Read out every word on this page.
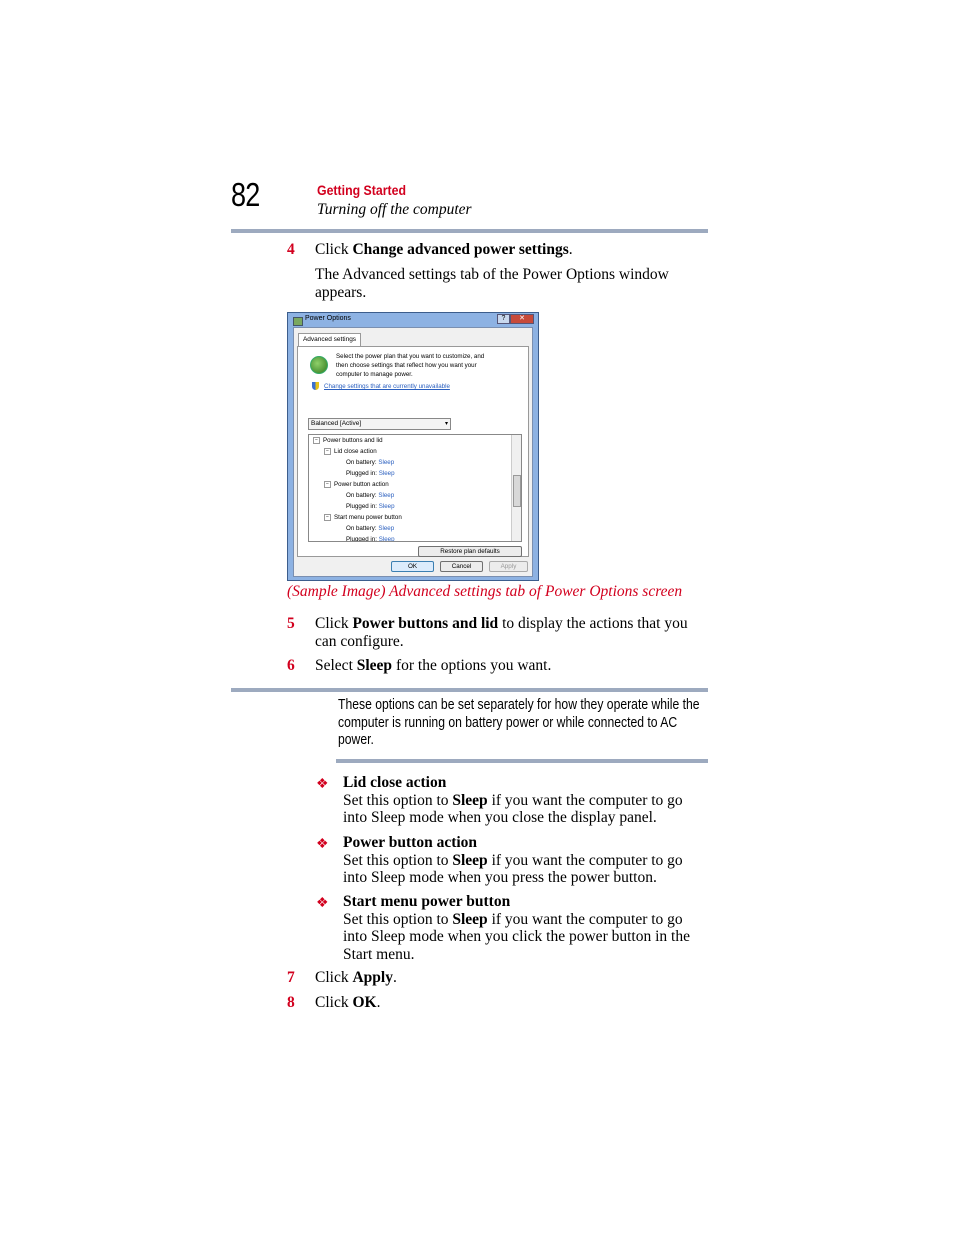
82	Getting Started
Turning off the computer
4 Click Change advanced power settings.
The Advanced settings tab of the Power Options window
appears.
Power Options	?	✕
Advanced settings
Select the power plan that you want to customize, and
then choose settings that reflect how you want your
computer to manage power.
Change settings that are currently unavailable
Balanced [Active]	▾
− Power buttons and lid
− Lid close action
On battery: Sleep
Plugged in: Sleep
− Power button action
On battery: Sleep
Plugged in: Sleep
− Start menu power button
On battery: Sleep
Plugged in: Sleep
Restore plan defaults
OK	Cancel	Apply
(Sample Image) Advanced settings tab of Power Options screen
5 Click Power buttons and lid to display the actions that you
can configure.
6 Select Sleep for the options you want.
These options can be set separately for how they operate while the
computer is running on battery power or while connected to AC
power.
❖ Lid close action
Set this option to Sleep if you want the computer to go
into Sleep mode when you close the display panel.
❖ Power button action
Set this option to Sleep if you want the computer to go
into Sleep mode when you press the power button.
❖ Start menu power button
Set this option to Sleep if you want the computer to go
into Sleep mode when you click the power button in the
Start menu.
7 Click Apply.
8 Click OK.
